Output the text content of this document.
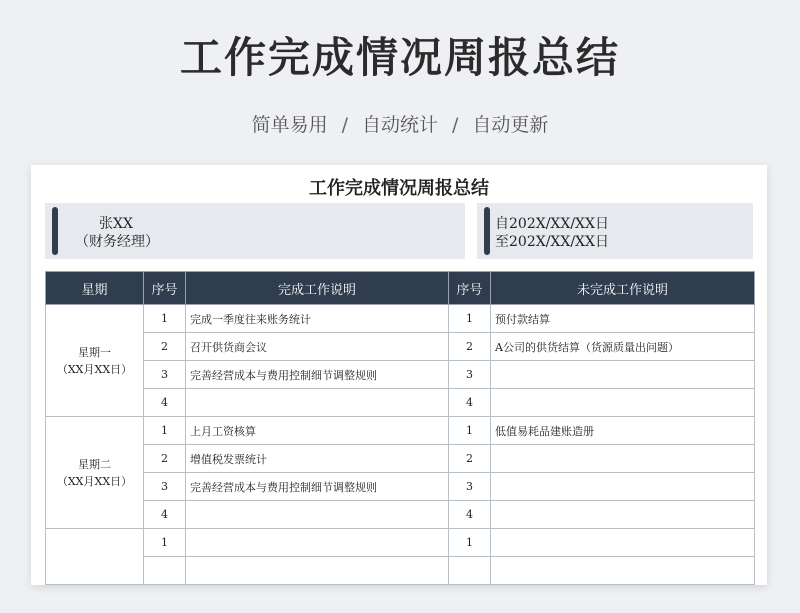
工作完成情况周报总结
简单易用 / 自动统计 / 自动更新
工作完成情况周报总结
张XX
（财务经理）
自202X/XX/XX日
至202X/XX/XX日
星期	序号	完成工作说明	序号	未完成工作说明

星期一
（XX月XX日）	1	完成一季度往来账务统计	1	预付款结算
	2	召开供货商会议	2	A公司的供货结算（货源质量出问题）
	3	完善经营成本与费用控制细节调整规则	3	
	4		4	

星期二
（XX月XX日）	1	上月工资核算	1	低值易耗品建账造册
	2	增值税发票统计	2	
	3	完善经营成本与费用控制细节调整规则	3	
	4		4	

	1		1	
